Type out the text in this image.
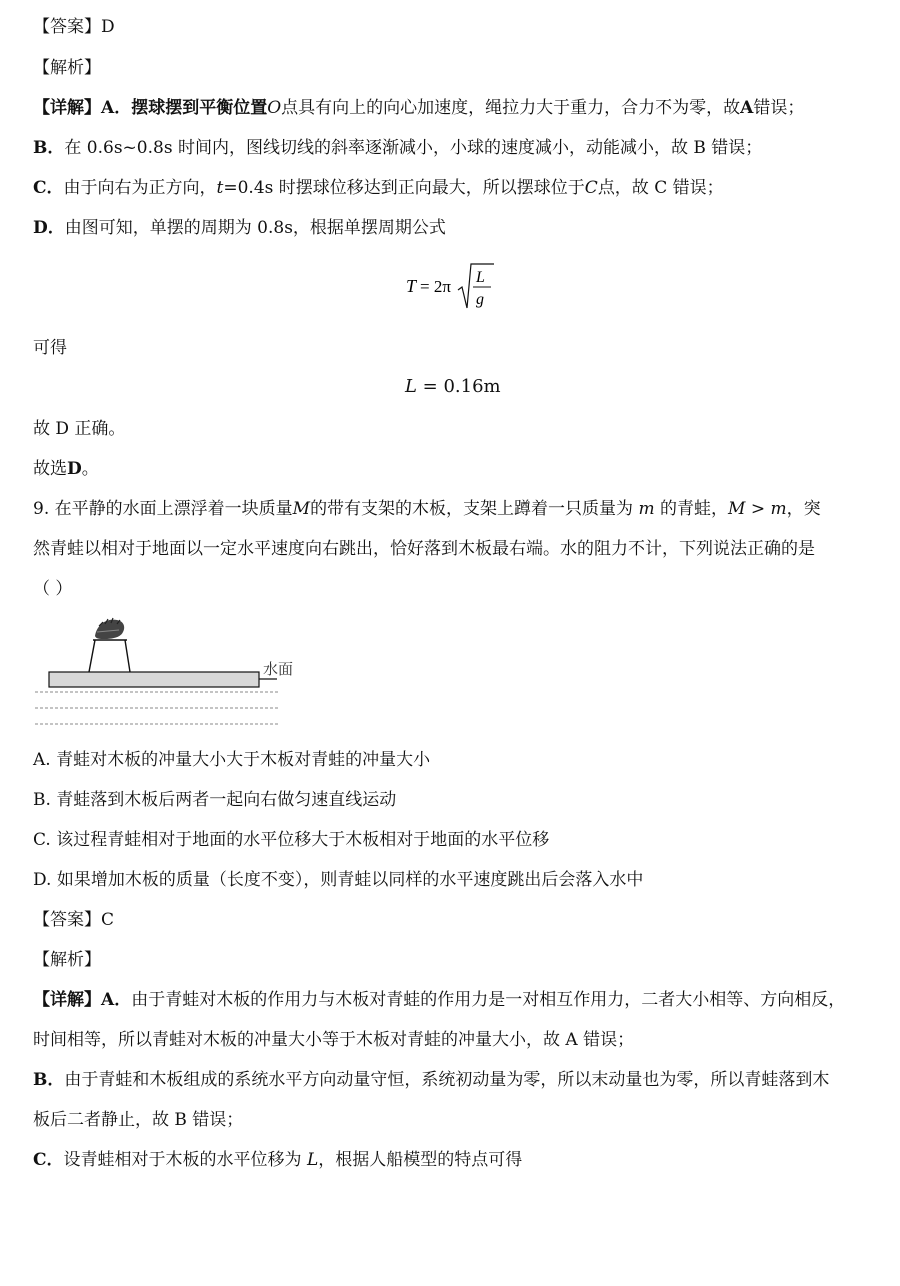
【答案】D
【解析】
【详解】A．摆球摆到平衡位置O点具有向上的向心加速度，绳拉力大于重力，合力不为零，故A错误；
B．在 0.6s~0.8s 时间内，图线切线的斜率逐渐减小，小球的速度减小，动能减小，故 B 错误；
C．由于向右为正方向，t=0.4s 时摆球位移达到正向最大，所以摆球位于C点，故 C 错误；
D．由图可知，单摆的周期为 0.8s，根据单摆周期公式
T = 2π L
g
可得
L = 0.16m
故 D 正确。
故选D。
9. 在平静的水面上漂浮着一块质量M的带有支架的木板，支架上蹲着一只质量为 m 的青蛙，M > m，突
然青蛙以相对于地面以一定水平速度向右跳出，恰好落到木板最右端。水的阻力不计，下列说法正确的是
（ ）
水面
A. 青蛙对木板的冲量大小大于木板对青蛙的冲量大小
B. 青蛙落到木板后两者一起向右做匀速直线运动
C. 该过程青蛙相对于地面的水平位移大于木板相对于地面的水平位移
D. 如果增加木板的质量（长度不变），则青蛙以同样的水平速度跳出后会落入水中
【答案】C
【解析】
【详解】A．由于青蛙对木板的作用力与木板对青蛙的作用力是一对相互作用力，二者大小相等、方向相反，
时间相等，所以青蛙对木板的冲量大小等于木板对青蛙的冲量大小，故 A 错误；
B．由于青蛙和木板组成的系统水平方向动量守恒，系统初动量为零，所以末动量也为零，所以青蛙落到木
板后二者静止，故 B 错误；
C．设青蛙相对于木板的水平位移为 L，根据人船模型的特点可得
